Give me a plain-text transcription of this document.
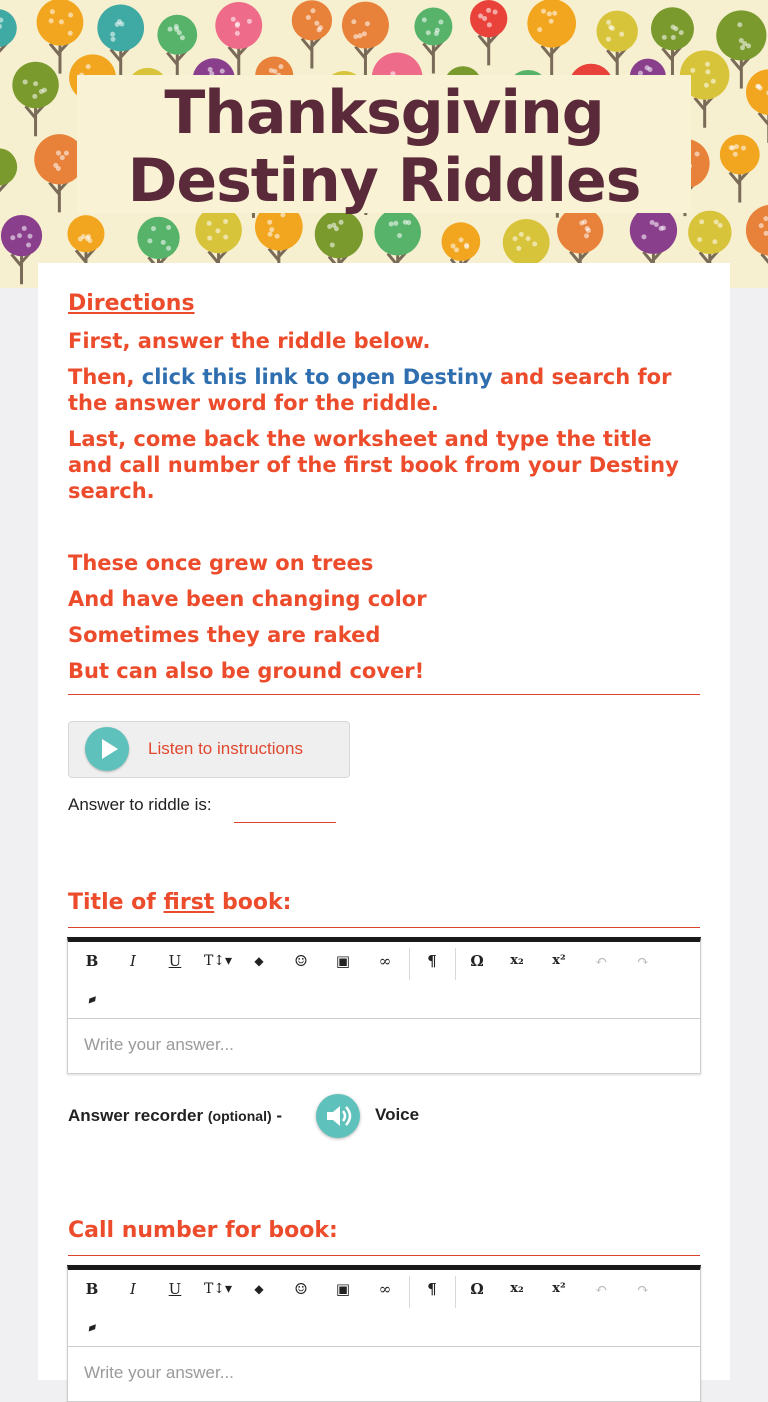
Thanksgiving
Destiny Riddles
Directions
First, answer the riddle below.
Then, click this link to open Destiny and search for the answer word for the riddle.
Last, come back the worksheet and type the title and call number of the first book from your Destiny search.
These once grew on trees
And have been changing color
Sometimes they are raked
But can also be ground cover!
Listen to instructions
Answer to riddle is:
Title of first book:
B	I	U	T↕▾	◆	☺	▣	∞	¶	Ω	x₂	x²	↶	↷
▰
Write your answer...
Answer recorder (optional) -	Voice
Call number for book:
B	I	U	T↕▾	◆	☺	▣	∞	¶	Ω	x₂	x²	↶	↷
▰
Write your answer...
